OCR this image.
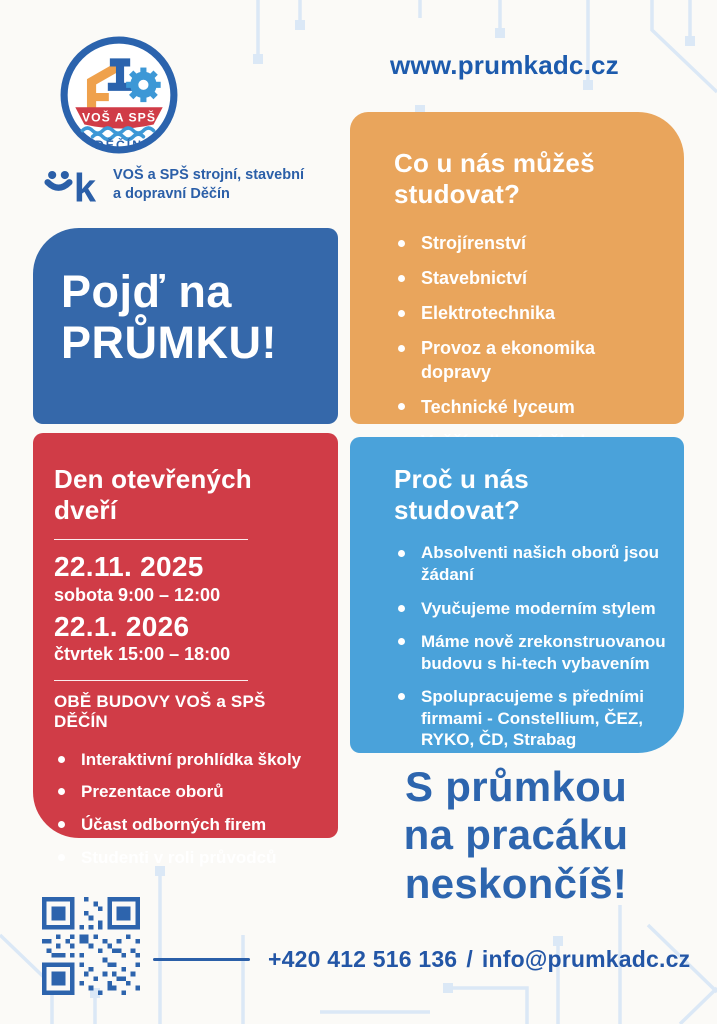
VOŠ A SPŠ
DĚČÍN
k VOŠ a SPŠ strojní, stavební
a dopravní Děčín
www.prumkadc.cz
Pojď na
PRŮMKU!
Co u nás můžeš
studovat?
Strojírenství
Stavebnictví
Elektrotechnika
Provoz a ekonomika dopravy
Technické lyceum
Den otevřených
dveří
22.11. 2025
sobota 9:00 – 12:00
22.1. 2026
čtvrtek 15:00 – 18:00
OBĚ BUDOVY VOŠ a SPŠ DĚČÍN
Interaktivní prohlídka školy
Prezentace oborů
Účast odborných firem
Studenti v roli průvodců
Proč u nás
studovat?
Absolventi našich oborů jsou žádaní
Vyučujeme moderním stylem
Máme nově zrekonstruovanou budovu s hi-tech vybavením
Spolupracujeme s předními firmami - Constellium, ČEZ, RYKO, ČD, Strabag
S průmkou
na pracáku
neskončíš!
+420 412 516 136 / info@prumkadc.cz
